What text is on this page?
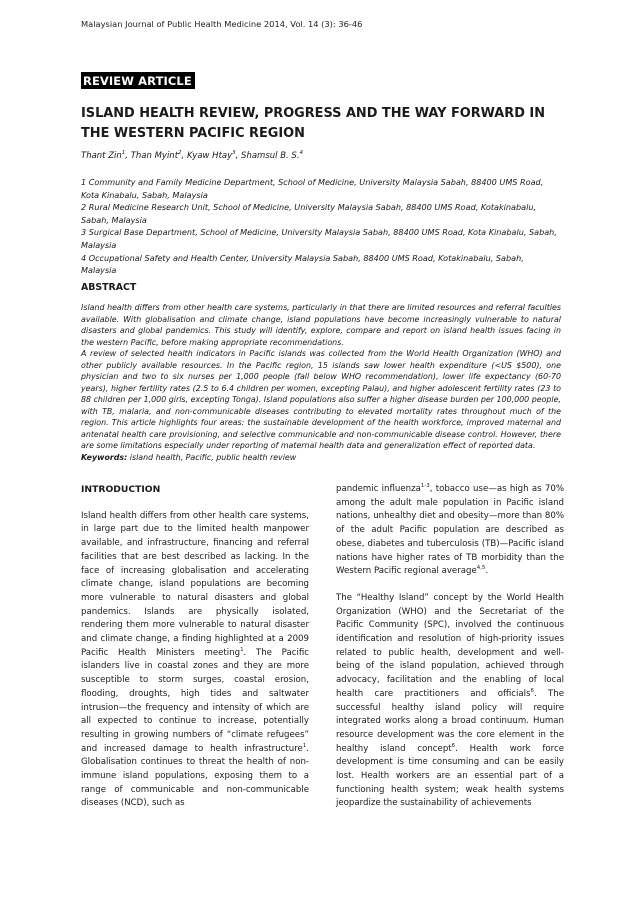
Malaysian Journal of Public Health Medicine 2014, Vol. 14 (3): 36-46
REVIEW ARTICLE
ISLAND HEALTH REVIEW, PROGRESS AND THE WAY FORWARD IN THE WESTERN PACIFIC REGION
Thant Zin$^1$, Than Myint$^2$, Kyaw Htay$^3$, Shamsul B. S.$^4$
1 Community and Family Medicine Department, School of Medicine, University Malaysia Sabah, 88400 UMS Road, Kota Kinabalu, Sabah, Malaysia
2 Rural Medicine Research Unit, School of Medicine, University Malaysia Sabah, 88400 UMS Road, Kotakinabalu, Sabah, Malaysia
3 Surgical Base Department, School of Medicine, University Malaysia Sabah, 88400 UMS Road, Kota Kinabalu, Sabah, Malaysia
4 Occupational Safety and Health Center, University Malaysia Sabah, 88400 UMS Road, Kotakinabalu, Sabah, Malaysia
ABSTRACT

Island health differs from other health care systems, particularly in that there are limited resources and referral faculties available. With globalisation and climate change, island populations have become increasingly vulnerable to natural disasters and global pandemics. This study will identify, explore, compare and report on island health issues facing in the western Pacific, before making appropriate recommendations.

A review of selected health indicators in Pacific islands was collected from the World Health Organization (WHO) and other publicly available resources. In the Pacific region, 15 islands saw lower health expenditure (<US $500), one physician and two to six nurses per 1,000 people (fall below WHO recommendation), lower life expectancy (60-70 years), higher fertility rates (2.5 to 6.4 children per women, excepting Palau), and higher adolescent fertility rates (23 to 88 children per 1,000 girls, excepting Tonga). Island populations also suffer a higher disease burden per 100,000 people, with TB, malaria, and non-communicable diseases contributing to elevated mortality rates throughout much of the region. This article highlights four areas: the sustainable development of the health workforce, improved maternal and antenatal health care provisioning, and selective communicable and non-communicable disease control. However, there are some limitations especially under reporting of maternal health data and generalization effect of reported data.

Keywords: island health, Pacific, public health review

INTRODUCTION

Island health differs from other health care systems, in large part due to the limited health manpower available, and infrastructure, financing and referral facilities that are best described as lacking. In the face of increasing globalisation and accelerating climate change, island populations are becoming more vulnerable to natural disasters and global pandemics. Islands are physically isolated, rendering them more vulnerable to natural disaster and climate change, a finding highlighted at a 2009 Pacific Health Ministers meeting$^1$. The Pacific islanders live in coastal zones and they are more susceptible to storm surges, coastal erosion, flooding, droughts, high tides and saltwater intrusion—the frequency and intensity of which are all expected to continue to increase, potentially resulting in growing numbers of “climate refugees” and increased damage to health infrastructure$^1$. Globalisation continues to threat the health of non-immune island populations, exposing them to a range of communicable and non-communicable diseases (NCD), such as

pandemic influenza$^{1-3}$, tobacco use—as high as 70% among the adult male population in Pacific island nations, unhealthy diet and obesity—more than 80% of the adult Pacific population are described as obese, diabetes and tuberculosis (TB)—Pacific island nations have higher rates of TB morbidity than the Western Pacific regional average$^{4,5}$.

The “Healthy Island” concept by the World Health Organization (WHO) and the Secretariat of the Pacific Community (SPC), involved the continuous identification and resolution of high-priority issues related to public health, development and well-being of the island population, achieved through advocacy, facilitation and the enabling of local health care practitioners and officials$^6$. The successful healthy island policy will require integrated works along a broad continuum. Human resource development was the core element in the healthy island concept$^6$. Health work force development is time consuming and can be easily lost. Health workers are an essential part of a functioning health system; weak health systems jeopardize the sustainability of achievements
